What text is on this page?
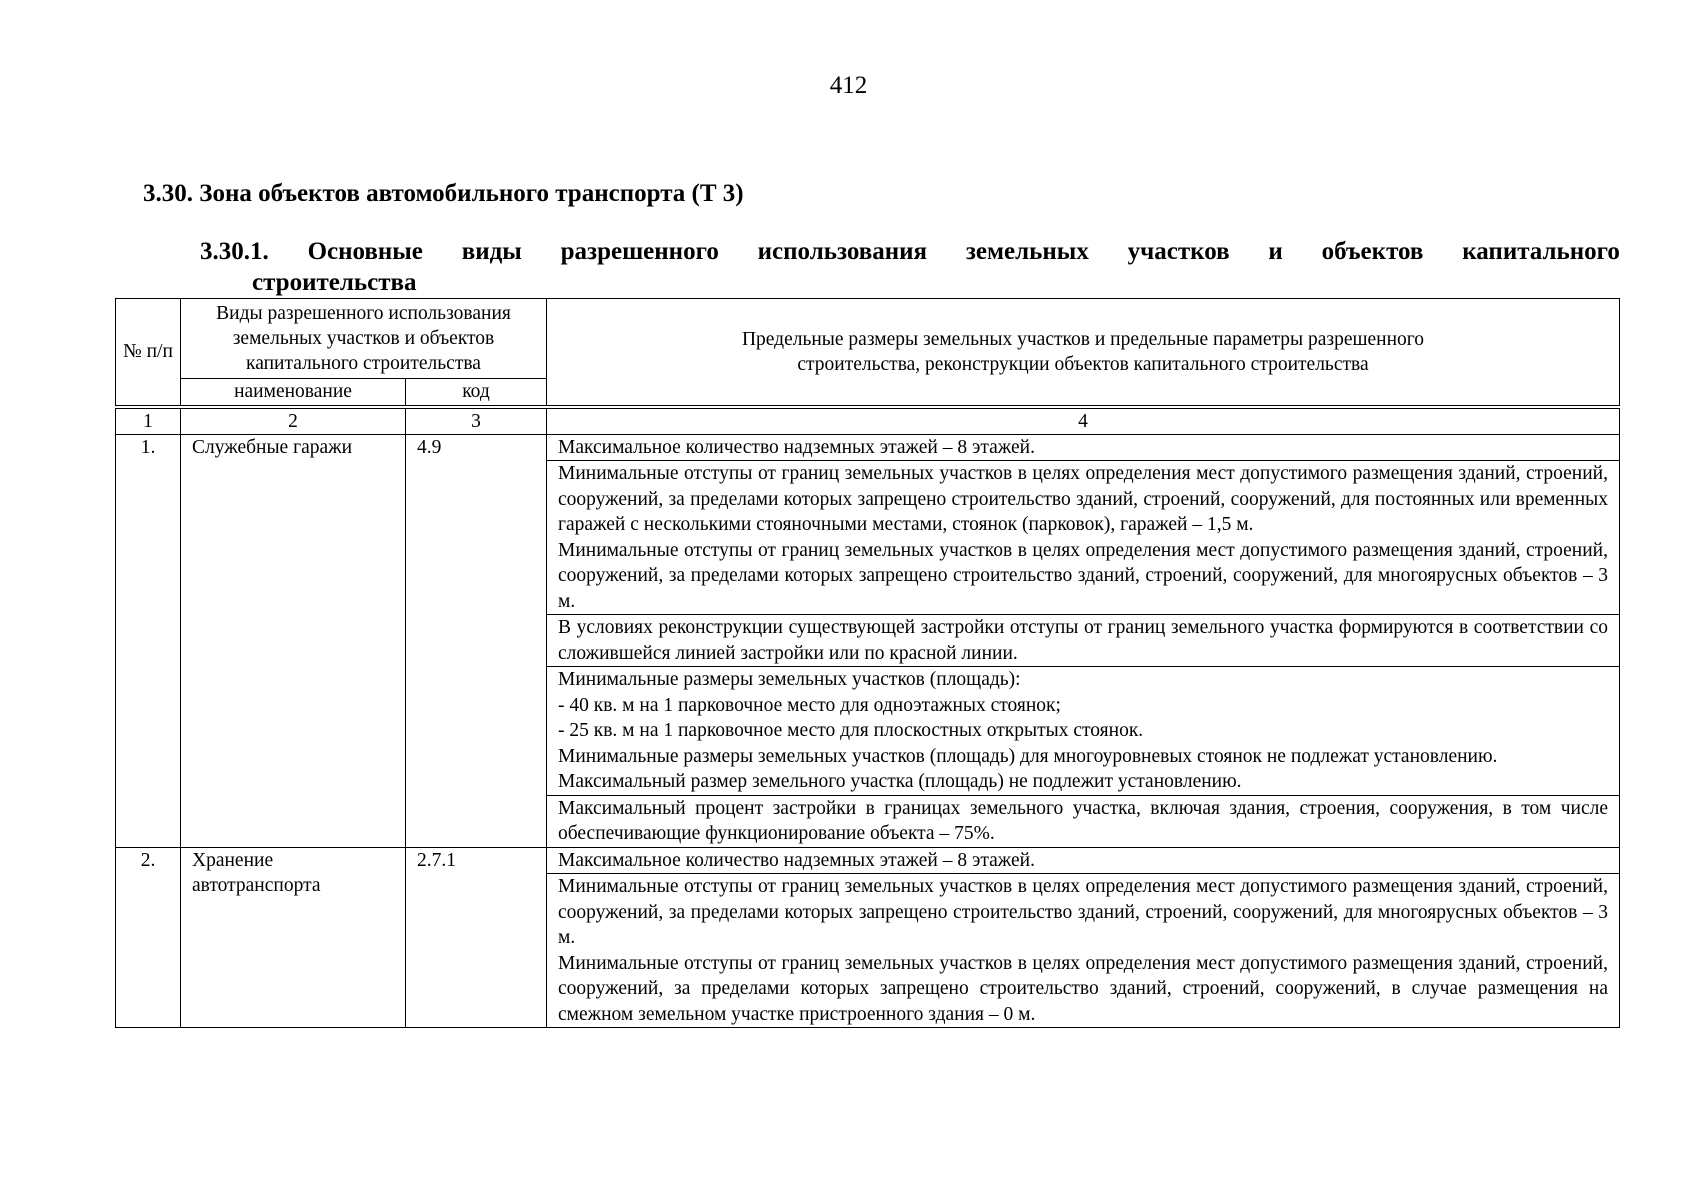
412
3.30. Зона объектов автомобильного транспорта (Т 3)
3.30.1. Основные виды разрешенного использования земельных участков и объектов капитального
строительства
№ п/п	Виды разрешенного использования земельных участков и объектов капитального строительства		Предельные размеры земельных участков и предельные параметры разрешенного строительства, реконструкции объектов капитального строительства
	наименование	код	
1	2	3	4
1.	Служебные гаражи	4.9	Максимальное количество надземных этажей – 8 этажей.

			Минимальные отступы от границ земельных участков в целях определения мест допустимого размещения зданий, строений, сооружений, за пределами которых запрещено строительство зданий, строений, сооружений, для постоянных или временных гаражей с несколькими стояночными местами, стоянок (парковок), гаражей – 1,5 м.
Минимальные отступы от границ земельных участков в целях определения мест допустимого размещения зданий, строений, сооружений, за пределами которых запрещено строительство зданий, строений, сооружений, для многоярусных объектов – 3 м.

			В условиях реконструкции существующей застройки отступы от границ земельного участка формируются в соответствии со сложившейся линией застройки или по красной линии.

			Минимальные размеры земельных участков (площадь):
- 40 кв. м на 1 парковочное место для одноэтажных стоянок;
- 25 кв. м на 1 парковочное место для плоскостных открытых стоянок.
Минимальные размеры земельных участков (площадь) для многоуровневых стоянок не подлежат установлению.
Максимальный размер земельного участка (площадь) не подлежит установлению.

			Максимальный процент застройки в границах земельного участка, включая здания, строения, сооружения, в том числе обеспечивающие функционирование объекта – 75%.

2.	Хранение автотранспорта	2.7.1	Максимальное количество надземных этажей – 8 этажей.

			Минимальные отступы от границ земельных участков в целях определения мест допустимого размещения зданий, строений, сооружений, за пределами которых запрещено строительство зданий, строений, сооружений, для многоярусных объектов – 3 м.
Минимальные отступы от границ земельных участков в целях определения мест допустимого размещения зданий, строений, сооружений, за пределами которых запрещено строительство зданий, строений, сооружений, в случае размещения на смежном земельном участке пристроенного здания – 0 м.
